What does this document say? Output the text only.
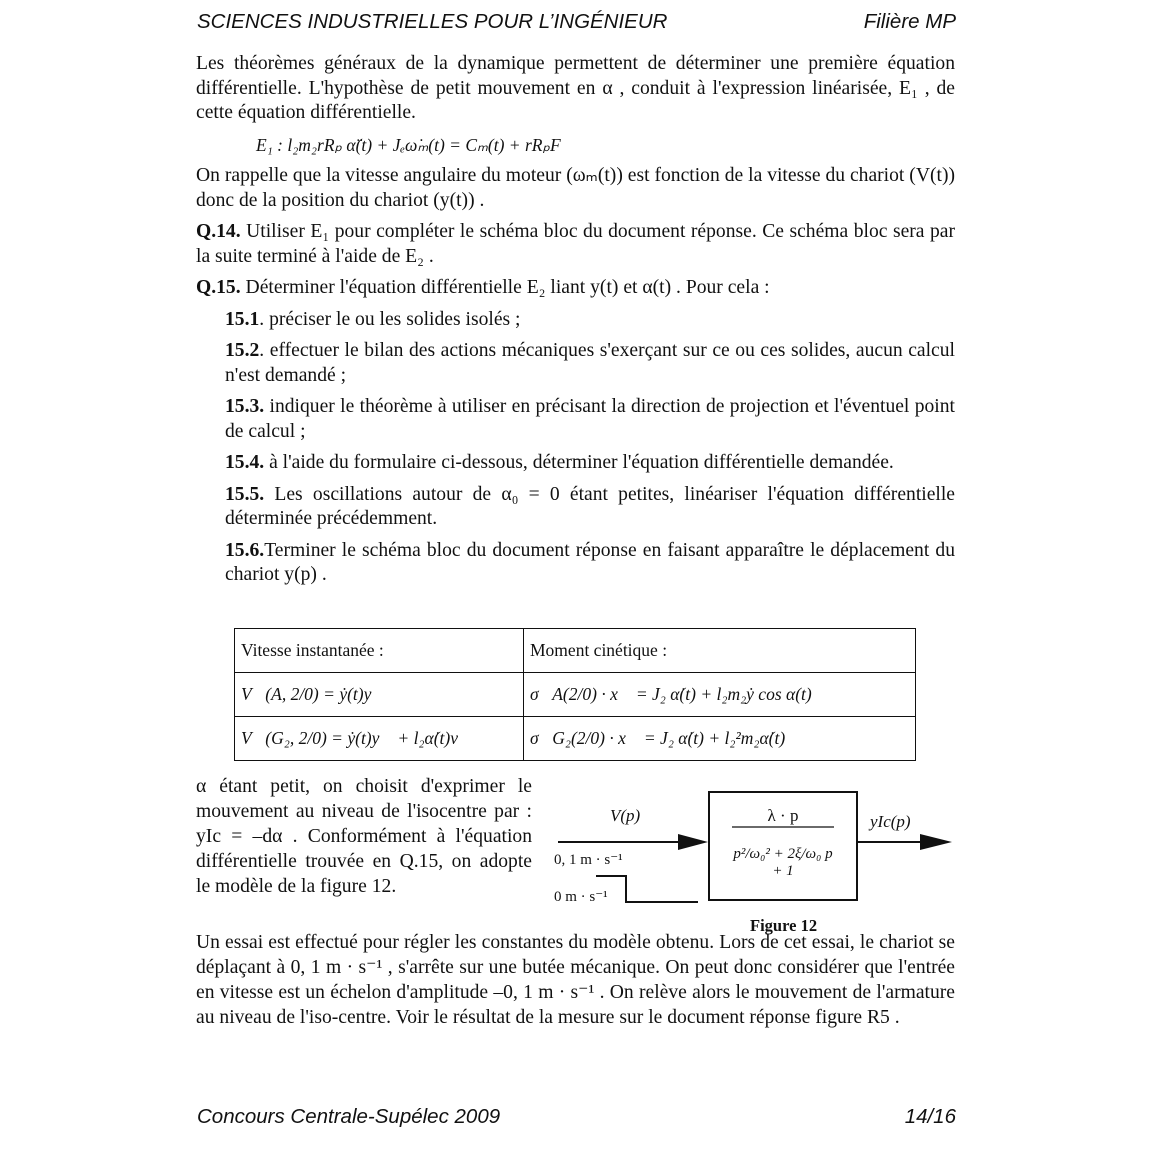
SCIENCES INDUSTRIELLES POUR L’INGÉNIEUR	Filière MP

Les théorèmes généraux de la dynamique permettent de déterminer une première équation différentielle. L'hypothèse de petit mouvement en α , conduit à l'expression linéarisée, E₁ , de cette équation différentielle.

E₁ : l₂m₂rRₚ α̈(t) + Jₑω̇ₘ(t) = Cₘ(t) + rRₚF

On rappelle que la vitesse angulaire du moteur (ωₘ(t)) est fonction de la vitesse du chariot (V(t)) donc de la position du chariot (y(t)) .

Q.14. Utiliser E₁ pour compléter le schéma bloc du document réponse. Ce schéma bloc sera par la suite terminé à l'aide de E₂ .

Q.15. Déterminer l'équation différentielle E₂ liant y(t) et α(t) . Pour cela :

15.1. préciser le ou les solides isolés ;

15.2. effectuer le bilan des actions mécaniques s'exerçant sur ce ou ces solides, aucun calcul n'est demandé ;

15.3. indiquer le théorème à utiliser en précisant la direction de projection et l'éventuel point de calcul ;

15.4. à l'aide du formulaire ci-dessous, déterminer l'équation différentielle demandée.

15.5. Les oscillations autour de α₀ = 0 étant petites, linéariser l'équation différentielle déterminée précédemment.

15.6.Terminer le schéma bloc du document réponse en faisant apparaître le déplacement du chariot y(p) .

Vitesse instantanée :	Moment cinétique :
V⃗(A, 2/0) = ẏ(t)y⃗	σ⃗A(2/0) · x⃗ = J₂ α̇(t) + l₂m₂ẏ cos α(t)
V⃗(G₂, 2/0) = ẏ(t)y⃗ + l₂α̇(t)v⃗	σ⃗G₂(2/0) · x⃗ = J₂ α̇(t) + l₂²m₂α̇(t)
α étant petit, on choisit d'exprimer le mouvement au niveau de l'isocentre par : yIc = –dα . Conformément à l'équation différentielle trouvée en Q.15, on adopte le modèle de la figure 12.
V(p)	yIc(p)
0, 1 m · s⁻¹
0 m · s⁻¹
λ · p
p²/ω₀² + 2ξ/ω₀ p + 1
Figure 12

Un essai est effectué pour régler les constantes du modèle obtenu. Lors de cet essai, le chariot se déplaçant à 0, 1 m · s⁻¹ , s'arrête sur une butée mécanique. On peut donc considérer que l'entrée en vitesse est un échelon d'amplitude –0, 1 m · s⁻¹ . On relève alors le mouvement de l'armature au niveau de l'iso-centre. Voir le résultat de la mesure sur le document réponse figure R5 .

Concours Centrale-Supélec 2009	14/16
